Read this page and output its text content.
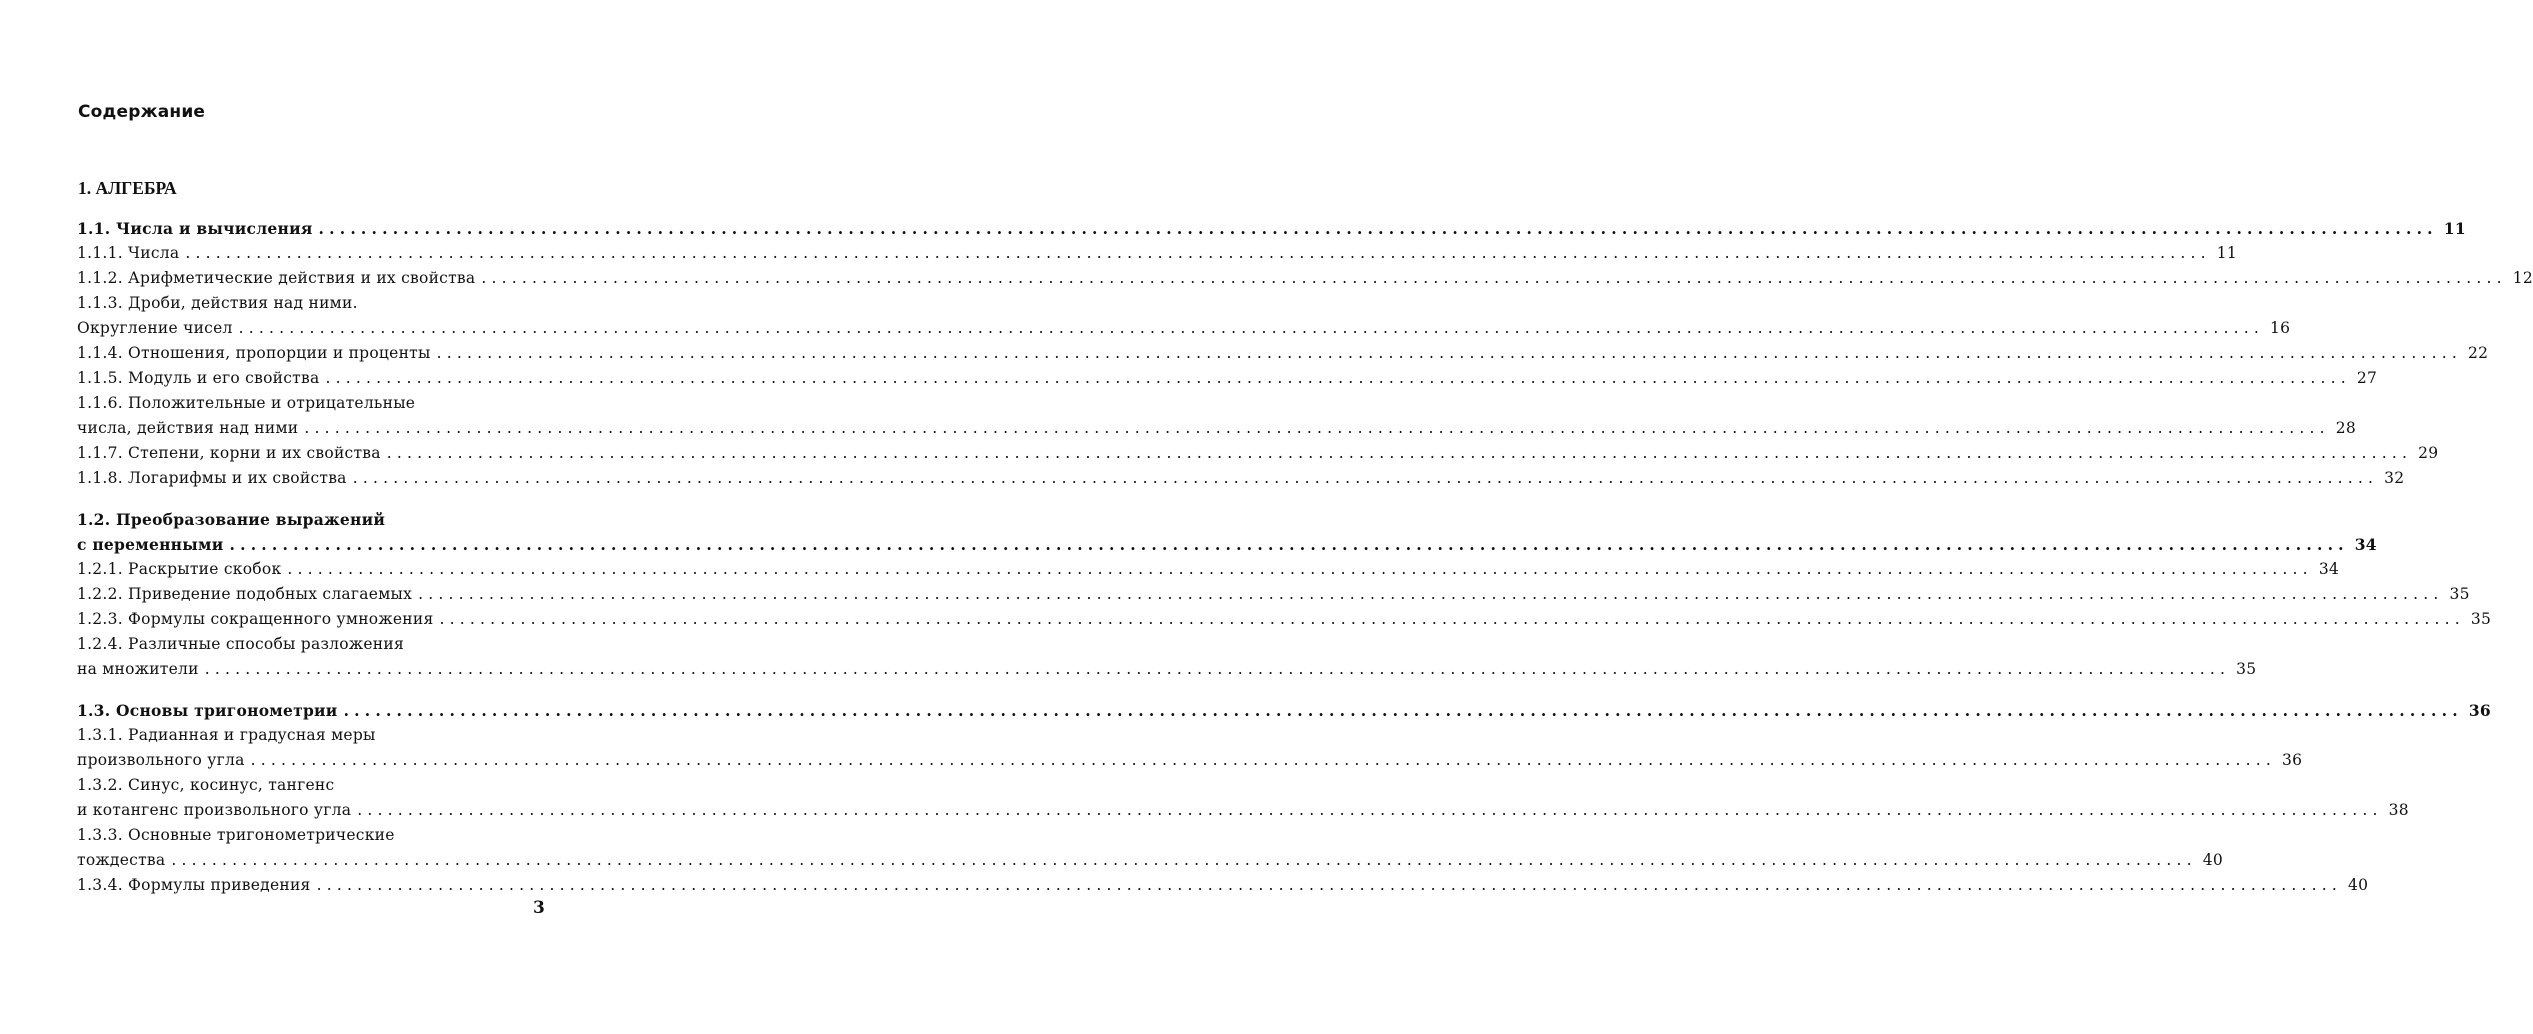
Содержание
1. АЛГЕБРА
1.1. Числа и вычисления ........................................................................................................................................................................................................ 11
1.1.1. Числа ........................................................................................................................................................................................................ 11
1.1.2. Арифметические действия и их свойства ........................................................................................................................................................................................................ 12
1.1.3. Дроби, действия над ними.
Округление чисел ........................................................................................................................................................................................................ 16
1.1.4. Отношения, пропорции и проценты ........................................................................................................................................................................................................ 22
1.1.5. Модуль и его свойства ........................................................................................................................................................................................................ 27
1.1.6. Положительные и отрицательные
числа, действия над ними ........................................................................................................................................................................................................ 28
1.1.7. Степени, корни и их свойства ........................................................................................................................................................................................................ 29
1.1.8. Логарифмы и их свойства ........................................................................................................................................................................................................ 32
1.2. Преобразование выражений
с переменными ........................................................................................................................................................................................................ 34
1.2.1. Раскрытие скобок ........................................................................................................................................................................................................ 34
1.2.2. Приведение подобных слагаемых ........................................................................................................................................................................................................ 35
1.2.3. Формулы сокращенного умножения ........................................................................................................................................................................................................ 35
1.2.4. Различные способы разложения
на множители ........................................................................................................................................................................................................ 35
1.3. Основы тригонометрии ........................................................................................................................................................................................................ 36
1.3.1. Радианная и градусная меры
произвольного угла ........................................................................................................................................................................................................ 36
1.3.2. Синус, косинус, тангенс
и котангенс произвольного угла ........................................................................................................................................................................................................ 38
1.3.3. Основные тригонометрические
тождества ........................................................................................................................................................................................................ 40
1.3.4. Формулы приведения ........................................................................................................................................................................................................ 40
3
